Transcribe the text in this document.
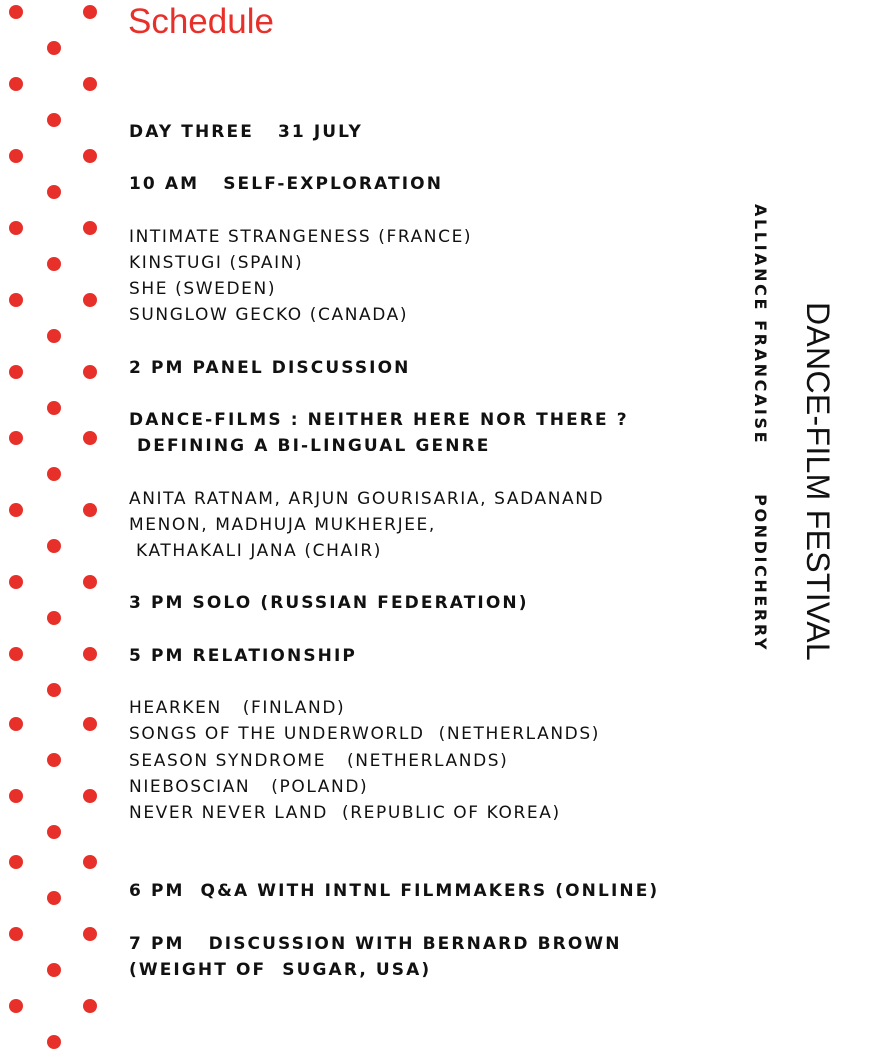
Schedule
DAY THREE   31 JULY
10 AM   SELF-EXPLORATION
INTIMATE STRANGENESS (FRANCE)
KINSTUGI (SPAIN)
SHE (SWEDEN)
SUNGLOW GECKO (CANADA)
2 PM PANEL DISCUSSION
DANCE-FILMS : NEITHER HERE NOR THERE ?
DEFINING A BI-LINGUAL GENRE
ANITA RATNAM, ARJUN GOURISARIA, SADANAND
MENON, MADHUJA MUKHERJEE,
KATHAKALI JANA (CHAIR)
3 PM SOLO (RUSSIAN FEDERATION)
5 PM RELATIONSHIP
HEARKEN   (FINLAND)
SONGS OF THE UNDERWORLD  (NETHERLANDS)
SEASON SYNDROME   (NETHERLANDS)
NIEBOSCIAN   (POLAND)
NEVER NEVER LAND  (REPUBLIC OF KOREA)
6 PM  Q&A WITH INTNL FILMMAKERS (ONLINE)
7 PM   DISCUSSION WITH BERNARD BROWN
(WEIGHT OF  SUGAR, USA)
ALLIANCE FRANCAISE      PONDICHERRY DANCE-FILM FESTIVAL
